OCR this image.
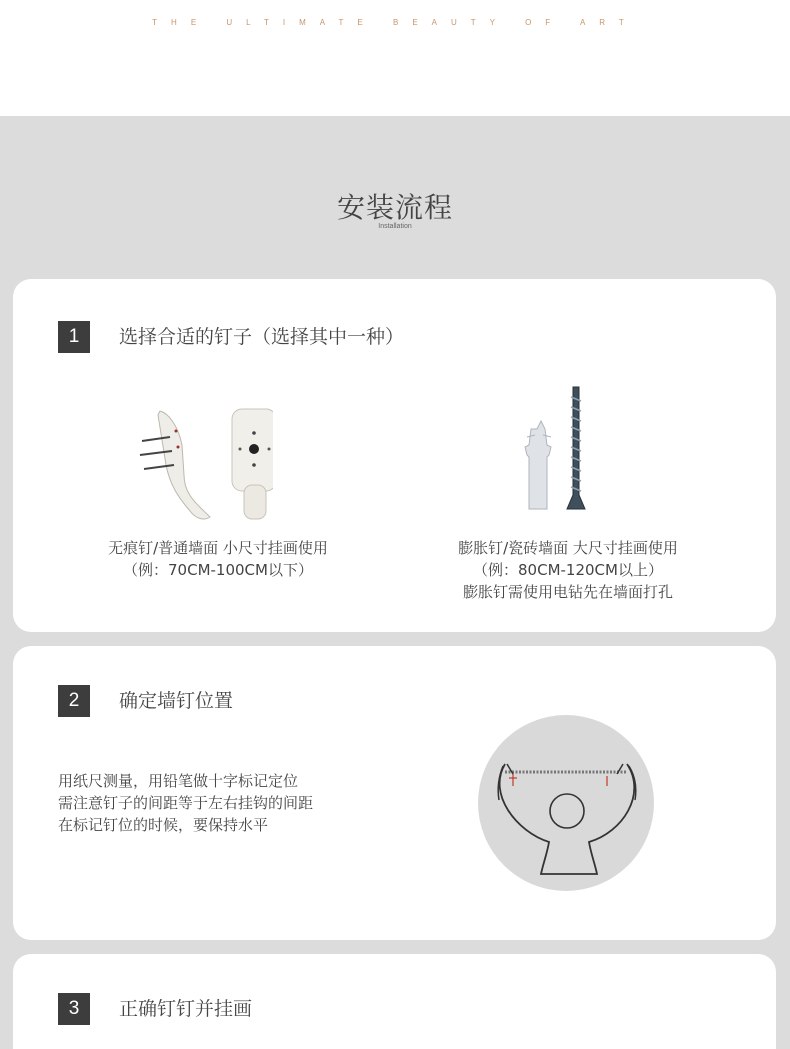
THE ULTIMATE BEAUTY OF ART
安装流程
Installation
1	选择合适的钉子（选择其中一种）
无痕钉/普通墙面 小尺寸挂画使用
（例：70CM-100CM以下）
膨胀钉/瓷砖墙面 大尺寸挂画使用
（例：80CM-120CM以上）
膨胀钉需使用电钻先在墙面打孔
2	确定墙钉位置
用纸尺测量，用铅笔做十字标记定位
需注意钉子的间距等于左右挂钩的间距
在标记钉位的时候，要保持水平
3	正确钉钉并挂画
